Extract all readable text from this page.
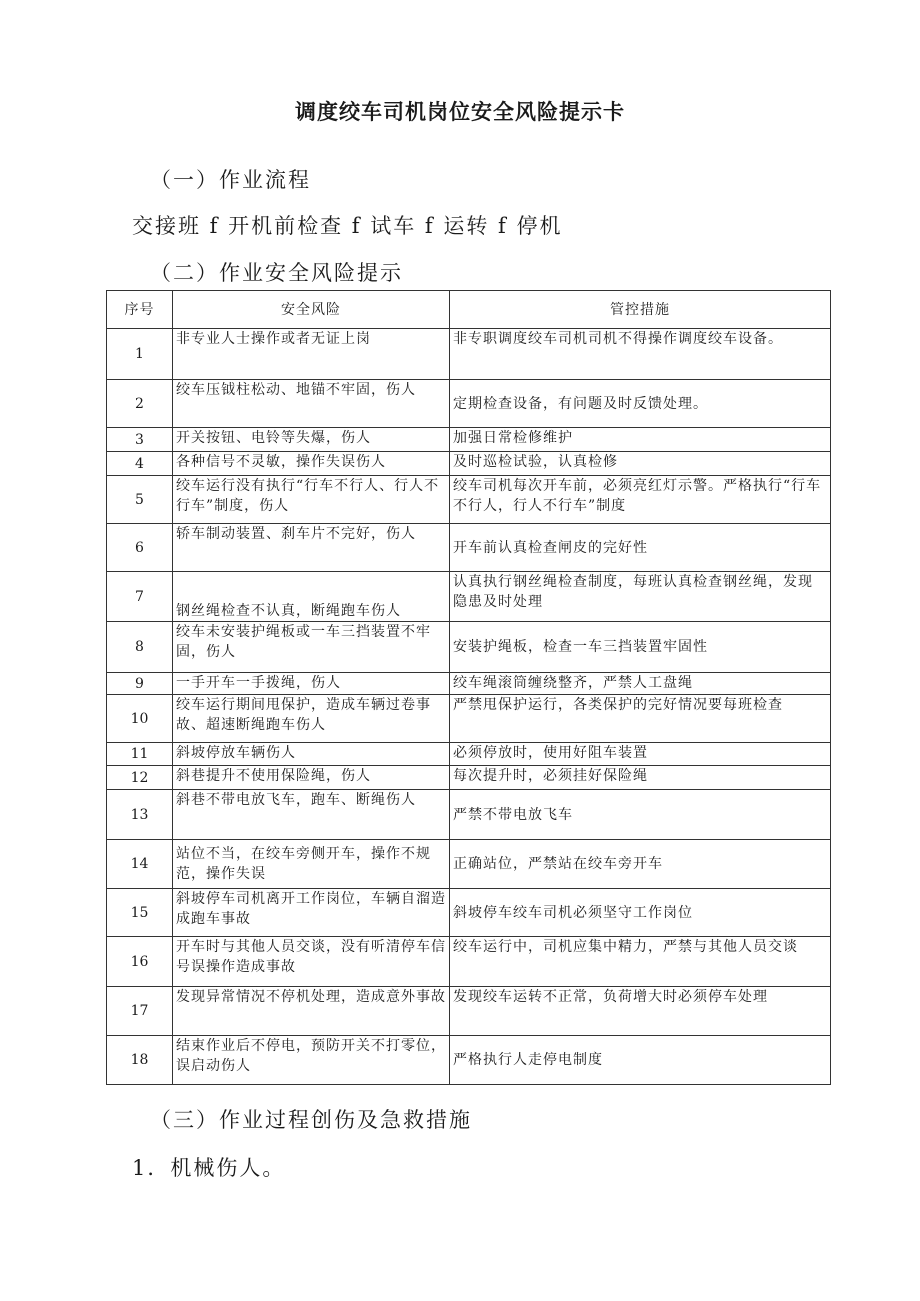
调度绞车司机岗位安全风险提示卡
（一）作业流程
交接班 f 开机前检查 f 试车 f 运转 f 停机
（二）作业安全风险提示
序号	安全风险	管控措施
1	非专业人士操作或者无证上岗	非专职调度绞车司机司机不得操作调度绞车设备。
2	绞车压钺柱松动、地锚不牢固，伤人	定期检查设备，有问题及时反馈处理。
3	开关按钮、电铃等失爆，伤人	加强日常检修维护
4	各种信号不灵敏，操作失误伤人	及时巡检试验，认真检修
5	绞车运行没有执行“行车不行人、行人不行车”制度，伤人	绞车司机每次开车前，必须亮红灯示警。严格执行“行车不行人，行人不行车”制度
6	轿车制动装置、刹车片不完好，伤人	开车前认真检查闸皮的完好性
7	钢丝绳检查不认真，断绳跑车伤人	认真执行钢丝绳检查制度，每班认真检查钢丝绳，发现隐患及时处理
8	绞车未安装护绳板或一车三挡装置不牢固，伤人	安装护绳板，检查一车三挡装置牢固性
9	一手开车一手拨绳，伤人	绞车绳滚筒缠绕整齐，严禁人工盘绳
10	绞车运行期间甩保护，造成车辆过卷事故、超速断绳跑车伤人	严禁甩保护运行，各类保护的完好情况要每班检查
11	斜坡停放车辆伤人	必须停放时，使用好阻车装置
12	斜巷提升不使用保险绳，伤人	每次提升时，必须挂好保险绳
13	斜巷不带电放飞车，跑车、断绳伤人	严禁不带电放飞车
14	站位不当，在绞车旁侧开车，操作不规范，操作失误	正确站位，严禁站在绞车旁开车
15	斜坡停车司机离开工作岗位，车辆自溜造成跑车事故	斜坡停车绞车司机必须坚守工作岗位
16	开车时与其他人员交谈，没有听清停车信号误操作造成事故	绞车运行中，司机应集中精力，严禁与其他人员交谈
17	发现异常情况不停机处理，造成意外事故	发现绞车运转不正常，负荷增大时必须停车处理
18	结束作业后不停电，预防开关不打零位，误启动伤人	严格执行人走停电制度
（三）作业过程创伤及急救措施
1．机械伤人。
